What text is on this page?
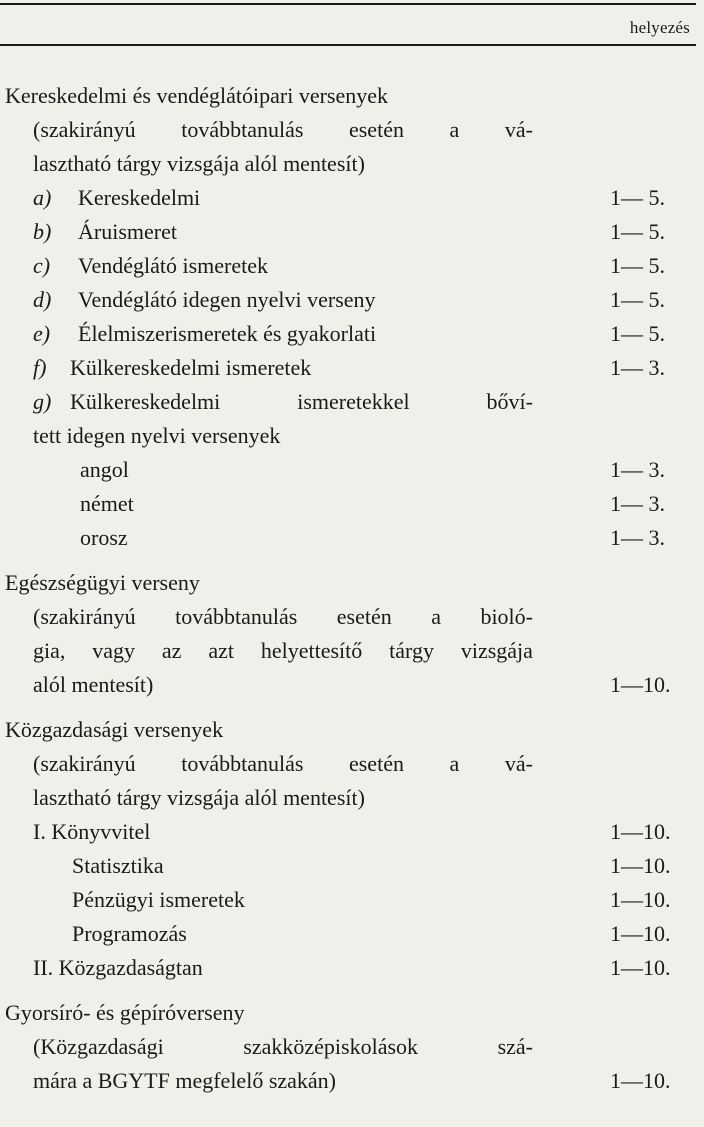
helyezés
Kereskedelmi és vendéglátóipari versenyek
(szakirányú továbbtanulás esetén a vá-
lasztható tárgy vizsgája alól mentesít)
a) Kereskedelmi	1— 5.
b) Áruismeret	1— 5.
c) Vendéglátó ismeretek	1— 5.
d) Vendéglátó idegen nyelvi verseny	1— 5.
e) Élelmiszerismeretek és gyakorlati	1— 5.
f) Külkereskedelmi ismeretek	1— 3.
g) Külkereskedelmi	ismeretekkel	bőví-
tett idegen nyelvi versenyek
angol	1— 3.
német	1— 3.
orosz	1— 3.
Egészségügyi verseny
(szakirányú továbbtanulás esetén a bioló-
gia, vagy az azt helyettesítő tárgy vizsgája
alól mentesít)	1—10.
Közgazdasági versenyek
(szakirányú továbbtanulás esetén a vá-
lasztható tárgy vizsgája alól mentesít)
I. Könyvvitel	1—10.
Statisztika	1—10.
Pénzügyi ismeretek	1—10.
Programozás	1—10.
II. Közgazdaságtan	1—10.
Gyorsíró- és gépíróverseny
(Közgazdasági	szakközépiskolások	szá-
mára a BGYTF megfelelő szakán)	1—10.
